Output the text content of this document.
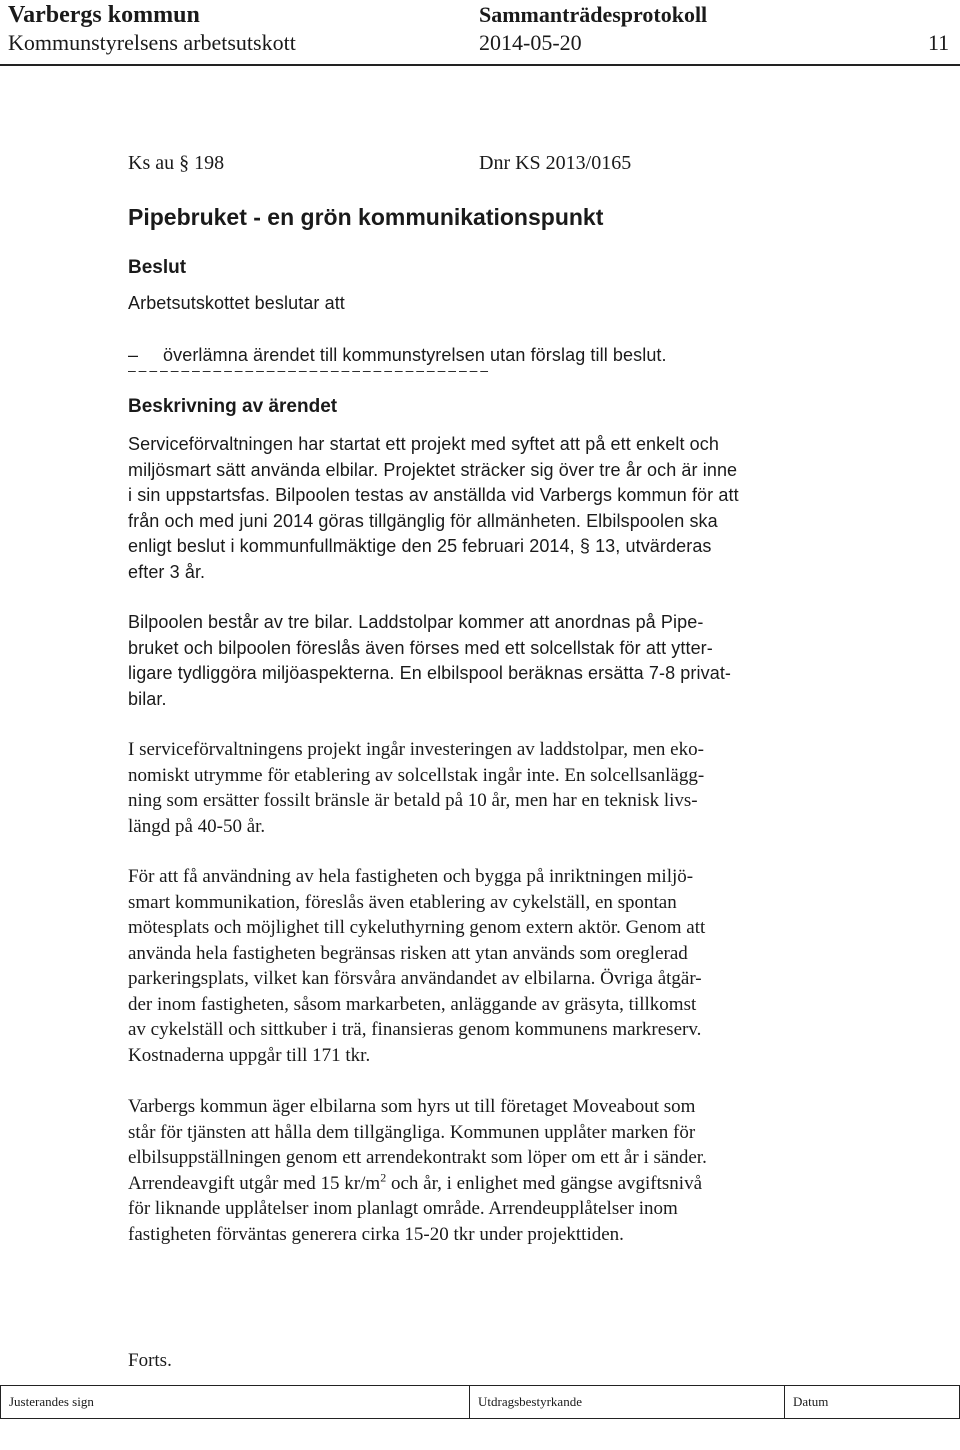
Varbergs kommun	Sammanträdesprotokoll
Kommunstyrelsens arbetsutskott	2014-05-20	11
Ks au § 198	Dnr KS 2013/0165
Pipebruket - en grön kommunikationspunkt
Beslut
Arbetsutskottet beslutar att
– överlämna ärendet till kommunstyrelsen utan förslag till beslut.
– – – – – – – – – – – – – – – – – – – – – – – – – – – – – – – – – –
Beskrivning av ärendet
Serviceförvaltningen har startat ett projekt med syftet att på ett enkelt och
miljösmart sätt använda elbilar. Projektet sträcker sig över tre år och är inne
i sin uppstartsfas. Bilpoolen testas av anställda vid Varbergs kommun för att
från och med juni 2014 göras tillgänglig för allmänheten. Elbilspoolen ska
enligt beslut i kommunfullmäktige den 25 februari 2014, § 13, utvärderas
efter 3 år.
Bilpoolen består av tre bilar. Laddstolpar kommer att anordnas på Pipe-
bruket och bilpoolen föreslås även förses med ett solcellstak för att ytter-
ligare tydliggöra miljöaspekterna. En elbilspool beräknas ersätta 7-8 privat-
bilar.
I serviceförvaltningens projekt ingår investeringen av laddstolpar, men eko-
nomiskt utrymme för etablering av solcellstak ingår inte. En solcellsanlägg-
ning som ersätter fossilt bränsle är betald på 10 år, men har en teknisk livs-
längd på 40-50 år.
För att få användning av hela fastigheten och bygga på inriktningen miljö-
smart kommunikation, föreslås även etablering av cykelställ, en spontan
mötesplats och möjlighet till cykeluthyrning genom extern aktör. Genom att
använda hela fastigheten begränsas risken att ytan används som oreglerad
parkeringsplats, vilket kan försvåra användandet av elbilarna. Övriga åtgär-
der inom fastigheten, såsom markarbeten, anläggande av gräsyta, tillkomst
av cykelställ och sittkuber i trä, finansieras genom kommunens markreserv.
Kostnaderna uppgår till 171 tkr.
Varbergs kommun äger elbilarna som hyrs ut till företaget Moveabout som
står för tjänsten att hålla dem tillgängliga. Kommunen upplåter marken för
elbilsuppställningen genom ett arrendekontrakt som löper om ett år i sänder.
Arrendeavgift utgår med 15 $kr/m^2$ och år, i enlighet med gängse avgiftsnivå
för liknande upplåtelser inom planlagt område. Arrendeupplåtelser inom
fastigheten förväntas generera cirka 15-20 tkr under projekttiden.
Forts.
Justerandes sign	Utdragsbestyrkande	Datum
